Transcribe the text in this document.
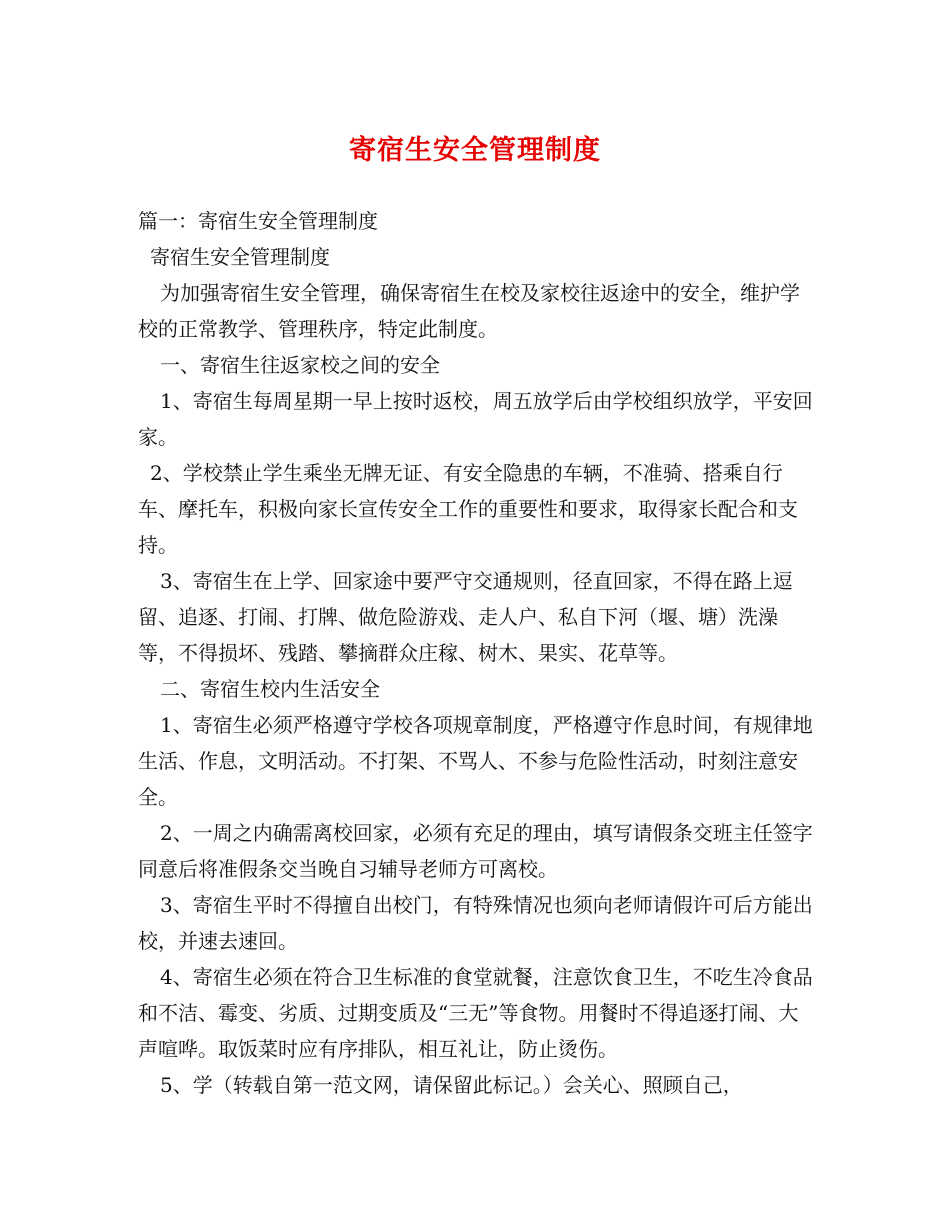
寄宿生安全管理制度

篇一：寄宿生安全管理制度

寄宿生安全管理制度

为加强寄宿生安全管理，确保寄宿生在校及家校往返途中的安全，维护学校的正常教学、管理秩序，特定此制度。

一、寄宿生往返家校之间的安全

1、寄宿生每周星期一早上按时返校，周五放学后由学校组织放学，平安回家。

2、学校禁止学生乘坐无牌无证、有安全隐患的车辆，不准骑、搭乘自行车、摩托车，积极向家长宣传安全工作的重要性和要求，取得家长配合和支持。

3、寄宿生在上学、回家途中要严守交通规则，径直回家，不得在路上逗留、追逐、打闹、打牌、做危险游戏、走人户、私自下河（堰、塘）洗澡等，不得损坏、残踏、攀摘群众庄稼、树木、果实、花草等。

二、寄宿生校内生活安全

1、寄宿生必须严格遵守学校各项规章制度，严格遵守作息时间，有规律地生活、作息，文明活动。不打架、不骂人、不参与危险性活动，时刻注意安全。

2、一周之内确需离校回家，必须有充足的理由，填写请假条交班主任签字同意后将准假条交当晚自习辅导老师方可离校。

3、寄宿生平时不得擅自出校门，有特殊情况也须向老师请假许可后方能出校，并速去速回。

4、寄宿生必须在符合卫生标准的食堂就餐，注意饮食卫生，不吃生冷食品和不洁、霉变、劣质、过期变质及“三无”等食物。用餐时不得追逐打闹、大声喧哗。取饭菜时应有序排队，相互礼让，防止烫伤。

5、学（转载自第一范文网，请保留此标记。）会关心、照顾自己，
